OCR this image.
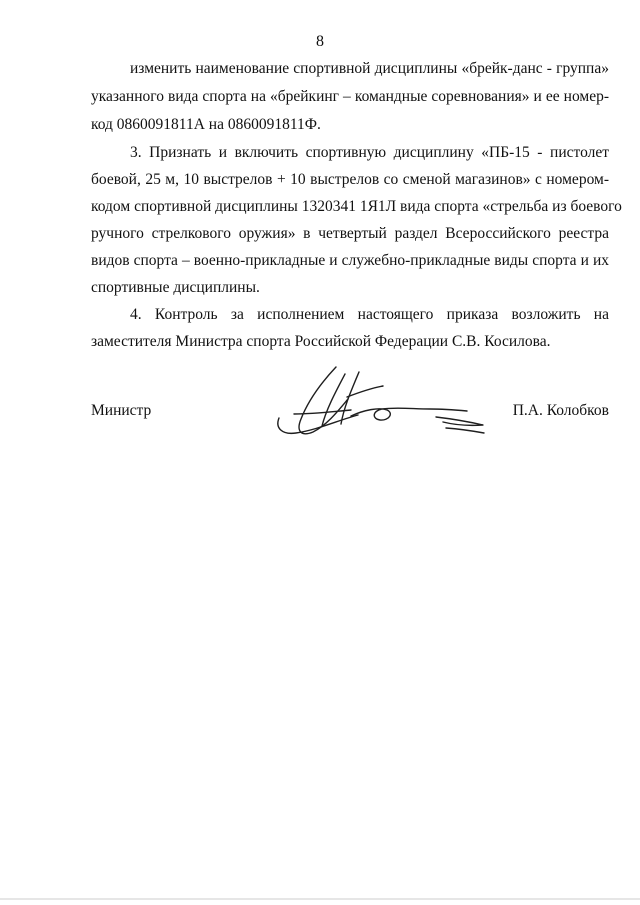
8
изменить наименование спортивной дисциплины «брейк-данс - группа»
указанного вида спорта на «брейкинг – командные соревнования» и ее номер-
код 0860091811А на 0860091811Ф.
3. Признать и включить спортивную дисциплину «ПБ-15 - пистолет
боевой, 25 м, 10 выстрелов + 10 выстрелов со сменой магазинов» с номером-
кодом спортивной дисциплины 1320341 1Я1Л вида спорта «стрельба из боевого
ручного стрелкового оружия» в четвертый раздел Всероссийского реестра
видов спорта – военно-прикладные и служебно-прикладные виды спорта и их
спортивные дисциплины.
4. Контроль за исполнением настоящего приказа возложить на
заместителя Министра спорта Российской Федерации С.В. Косилова.
Министр	П.А. Колобков
